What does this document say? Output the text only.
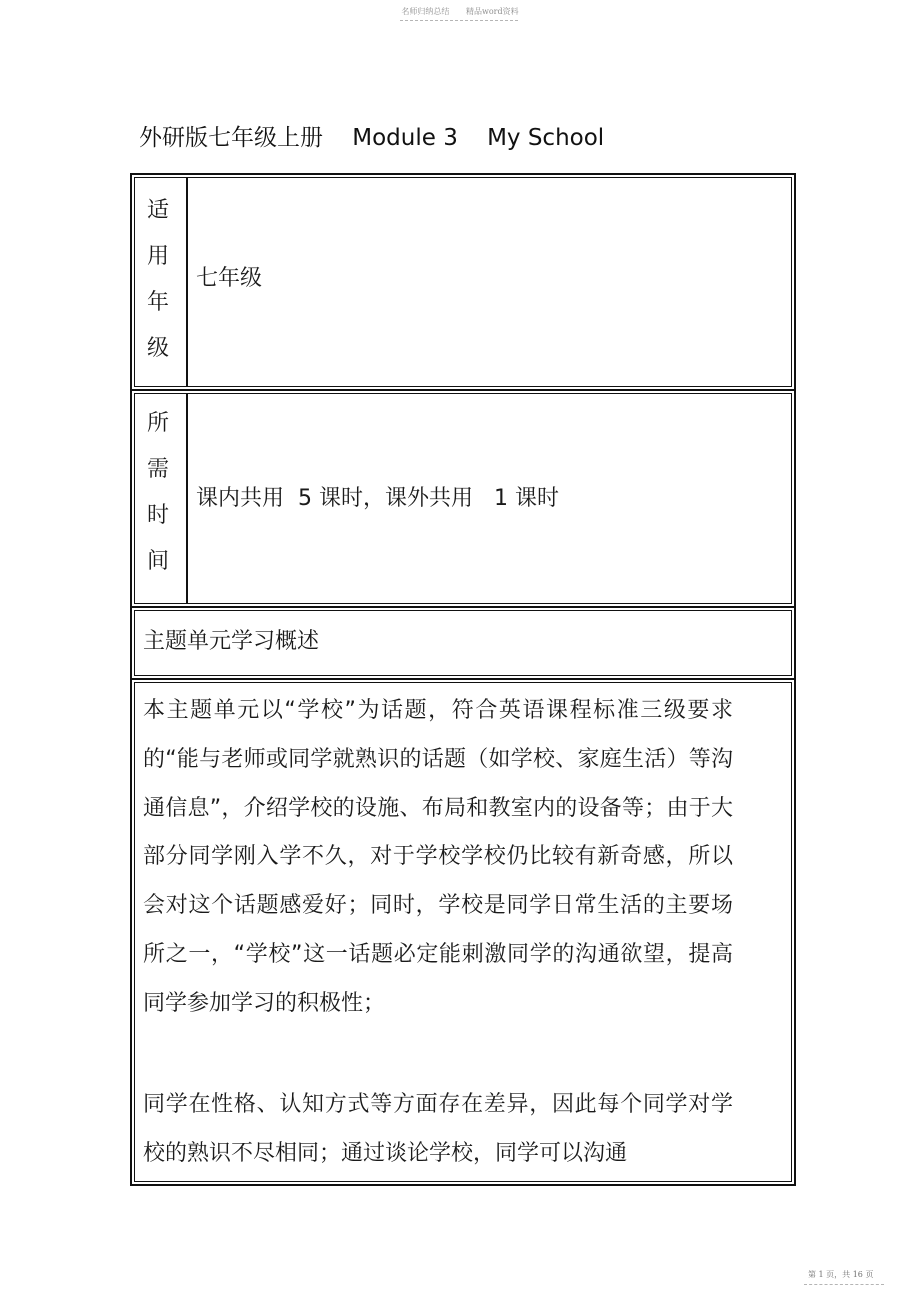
名师归纳总结 精品word资料
外研版七年级上册    Module 3    My School
适
用
年
级
七年级
所
需
时
间
课内共用  5 课时，课外共用   1 课时
主题单元学习概述

本主题单元以“学校”为话题，符合英语课程标准三级要求的“能与老师或同学就熟识的话题（如学校、家庭生活）等沟通信息”，介绍学校的设施、布局和教室内的设备等；由于大部分同学刚入学不久，对于学校学校仍比较有新奇感，所以会对这个话题感爱好；同时，学校是同学日常生活的主要场所之一，“学校”这一话题必定能刺激同学的沟通欲望，提高同学参加学习的积极性；

同学在性格、认知方式等方面存在差异，因此每个同学对学校的熟识不尽相同；通过谈论学校，同学可以沟通

第 1 页，共 16 页
